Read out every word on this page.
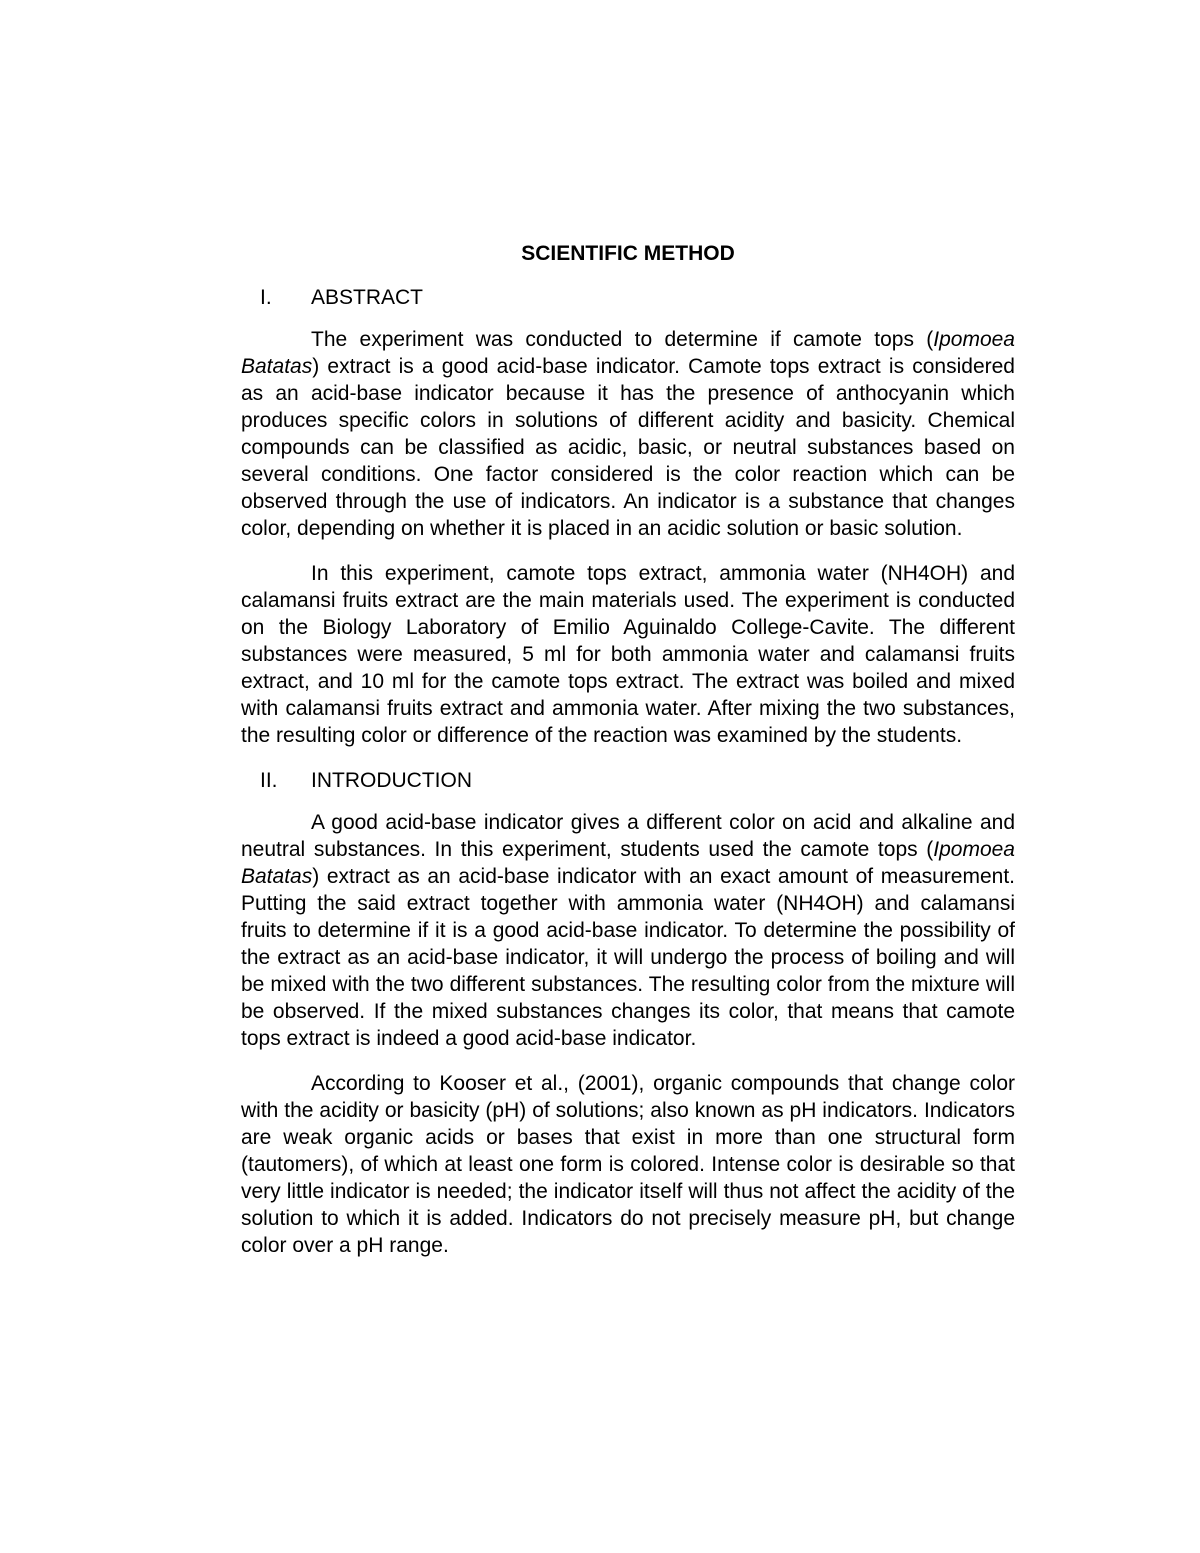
SCIENTIFIC METHOD
I.	ABSTRACT

The experiment was conducted to determine if camote tops (Ipomoea Batatas) extract is a good acid-base indicator. Camote tops extract is considered as an acid-base indicator because it has the presence of anthocyanin which produces specific colors in solutions of different acidity and basicity. Chemical compounds can be classified as acidic, basic, or neutral substances based on several conditions. One factor considered is the color reaction which can be observed through the use of indicators. An indicator is a substance that changes color, depending on whether it is placed in an acidic solution or basic solution.

In this experiment, camote tops extract, ammonia water (NH4OH) and calamansi fruits extract are the main materials used. The experiment is conducted on the Biology Laboratory of Emilio Aguinaldo College-Cavite. The different substances were measured, 5 ml for both ammonia water and calamansi fruits extract, and 10 ml for the camote tops extract. The extract was boiled and mixed with calamansi fruits extract and ammonia water. After mixing the two substances, the resulting color or difference of the reaction was examined by the students.

II.	INTRODUCTION

A good acid-base indicator gives a different color on acid and alkaline and neutral substances. In this experiment, students used the camote tops (Ipomoea Batatas) extract as an acid-base indicator with an exact amount of measurement. Putting the said extract together with ammonia water (NH4OH) and calamansi fruits to determine if it is a good acid-base indicator. To determine the possibility of the extract as an acid-base indicator, it will undergo the process of boiling and will be mixed with the two different substances. The resulting color from the mixture will be observed. If the mixed substances changes its color, that means that camote tops extract is indeed a good acid-base indicator.

According to Kooser et al., (2001), organic compounds that change color with the acidity or basicity (pH) of solutions; also known as pH indicators. Indicators are weak organic acids or bases that exist in more than one structural form (tautomers), of which at least one form is colored. Intense color is desirable so that very little indicator is needed; the indicator itself will thus not affect the acidity of the solution to which it is added. Indicators do not precisely measure pH, but change color over a pH range.
